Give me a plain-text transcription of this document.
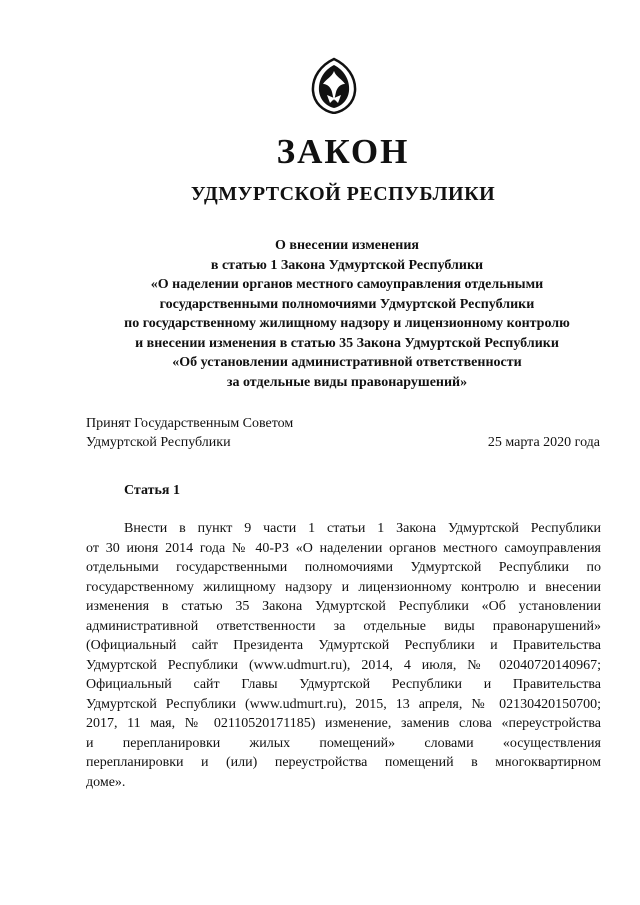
ЗАКОН
УДМУРТСКОЙ РЕСПУБЛИКИ
О внесении изменения
в статью 1 Закона Удмуртской Республики
«О наделении органов местного самоуправления отдельными
государственными полномочиями Удмуртской Республики
по государственному жилищному надзору и лицензионному контролю
и внесении изменения в статью 35 Закона Удмуртской Республики
«Об установлении административной ответственности
за отдельные виды правонарушений»
Принят Государственным Советом
Удмуртской Республики	25 марта 2020 года
Статья 1
Внести в пункт 9 части 1 статьи 1 Закона Удмуртской Республики
от 30 июня 2014 года № 40-РЗ «О наделении органов местного самоуправления
отдельными государственными полномочиями Удмуртской Республики по
государственному жилищному надзору и лицензионному контролю и внесении
изменения в статью 35 Закона Удмуртской Республики «Об установлении
административной ответственности за отдельные виды правонарушений»
(Официальный сайт Президента Удмуртской Республики и Правительства
Удмуртской Республики (www.udmurt.ru), 2014, 4 июля, № 02040720140967;
Официальный сайт Главы Удмуртской Республики и Правительства
Удмуртской Республики (www.udmurt.ru), 2015, 13 апреля, № 02130420150700;
2017, 11 мая, № 02110520171185) изменение, заменив слова «переустройства
и перепланировки жилых помещений» словами «осуществления
перепланировки и (или) переустройства помещений в многоквартирном
доме».
